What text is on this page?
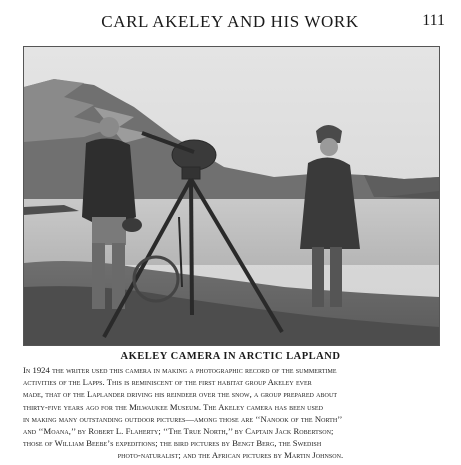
CARL AKELEY AND HIS WORK	111
AKELEY CAMERA IN ARCTIC LAPLAND
In 1924 the writer used this camera in making a photographic record of the summertime
activities of the Lapps. This is reminiscent of the first habitat group Akeley ever
made, that of the Laplander driving his reindeer over the snow, a group prepared about
thirty-five years ago for the Milwaukee Museum. The Akeley camera has been used
in making many outstanding outdoor pictures—among those are ‘‘Nanook of the North’’
and ‘‘Moana,’’ by Robert L. Flaherty; ‘‘The True North,’’ by Captain Jack Robertson;
those of William Beebe’s expeditions; the bird pictures by Bengt Berg, the Swedish
photo-naturalist; and the African pictures by Martin Johnson.
